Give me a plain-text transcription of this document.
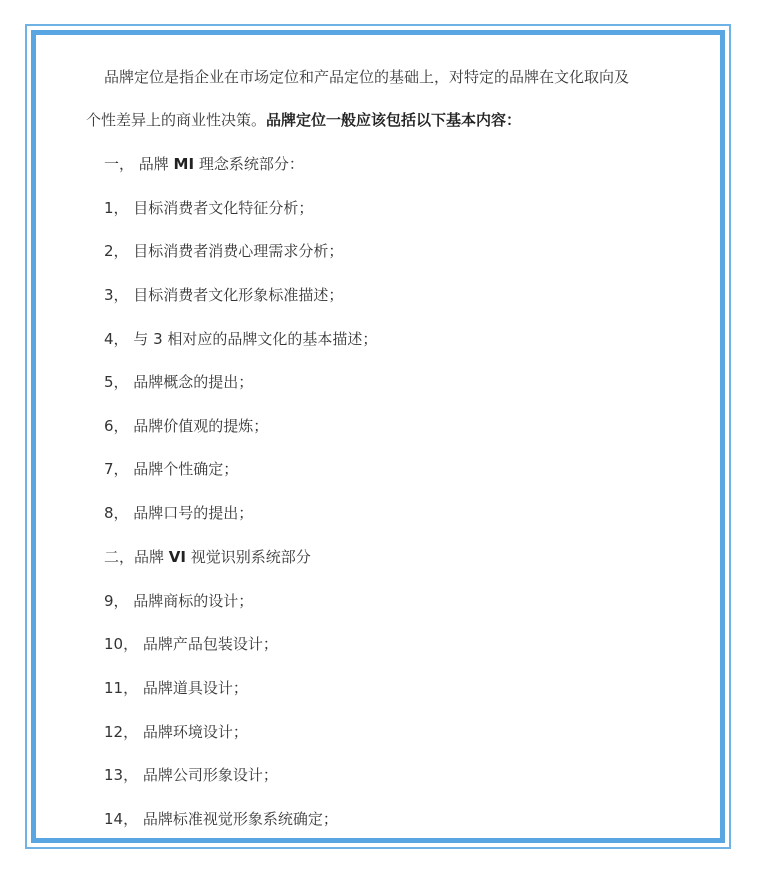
品牌定位是指企业在市场定位和产品定位的基础上，对特定的品牌在文化取向及
个性差异上的商业性决策。品牌定位一般应该包括以下基本内容：
一， 品牌 MI 理念系统部分：
1， 目标消费者文化特征分析；
2， 目标消费者消费心理需求分析；
3， 目标消费者文化形象标准描述；
4， 与 3 相对应的品牌文化的基本描述；
5， 品牌概念的提出；
6， 品牌价值观的提炼；
7， 品牌个性确定；
8， 品牌口号的提出；
二，品牌 VI 视觉识别系统部分
9， 品牌商标的设计；
10， 品牌产品包装设计；
11， 品牌道具设计；
12， 品牌环境设计；
13， 品牌公司形象设计；
14， 品牌标准视觉形象系统确定；
